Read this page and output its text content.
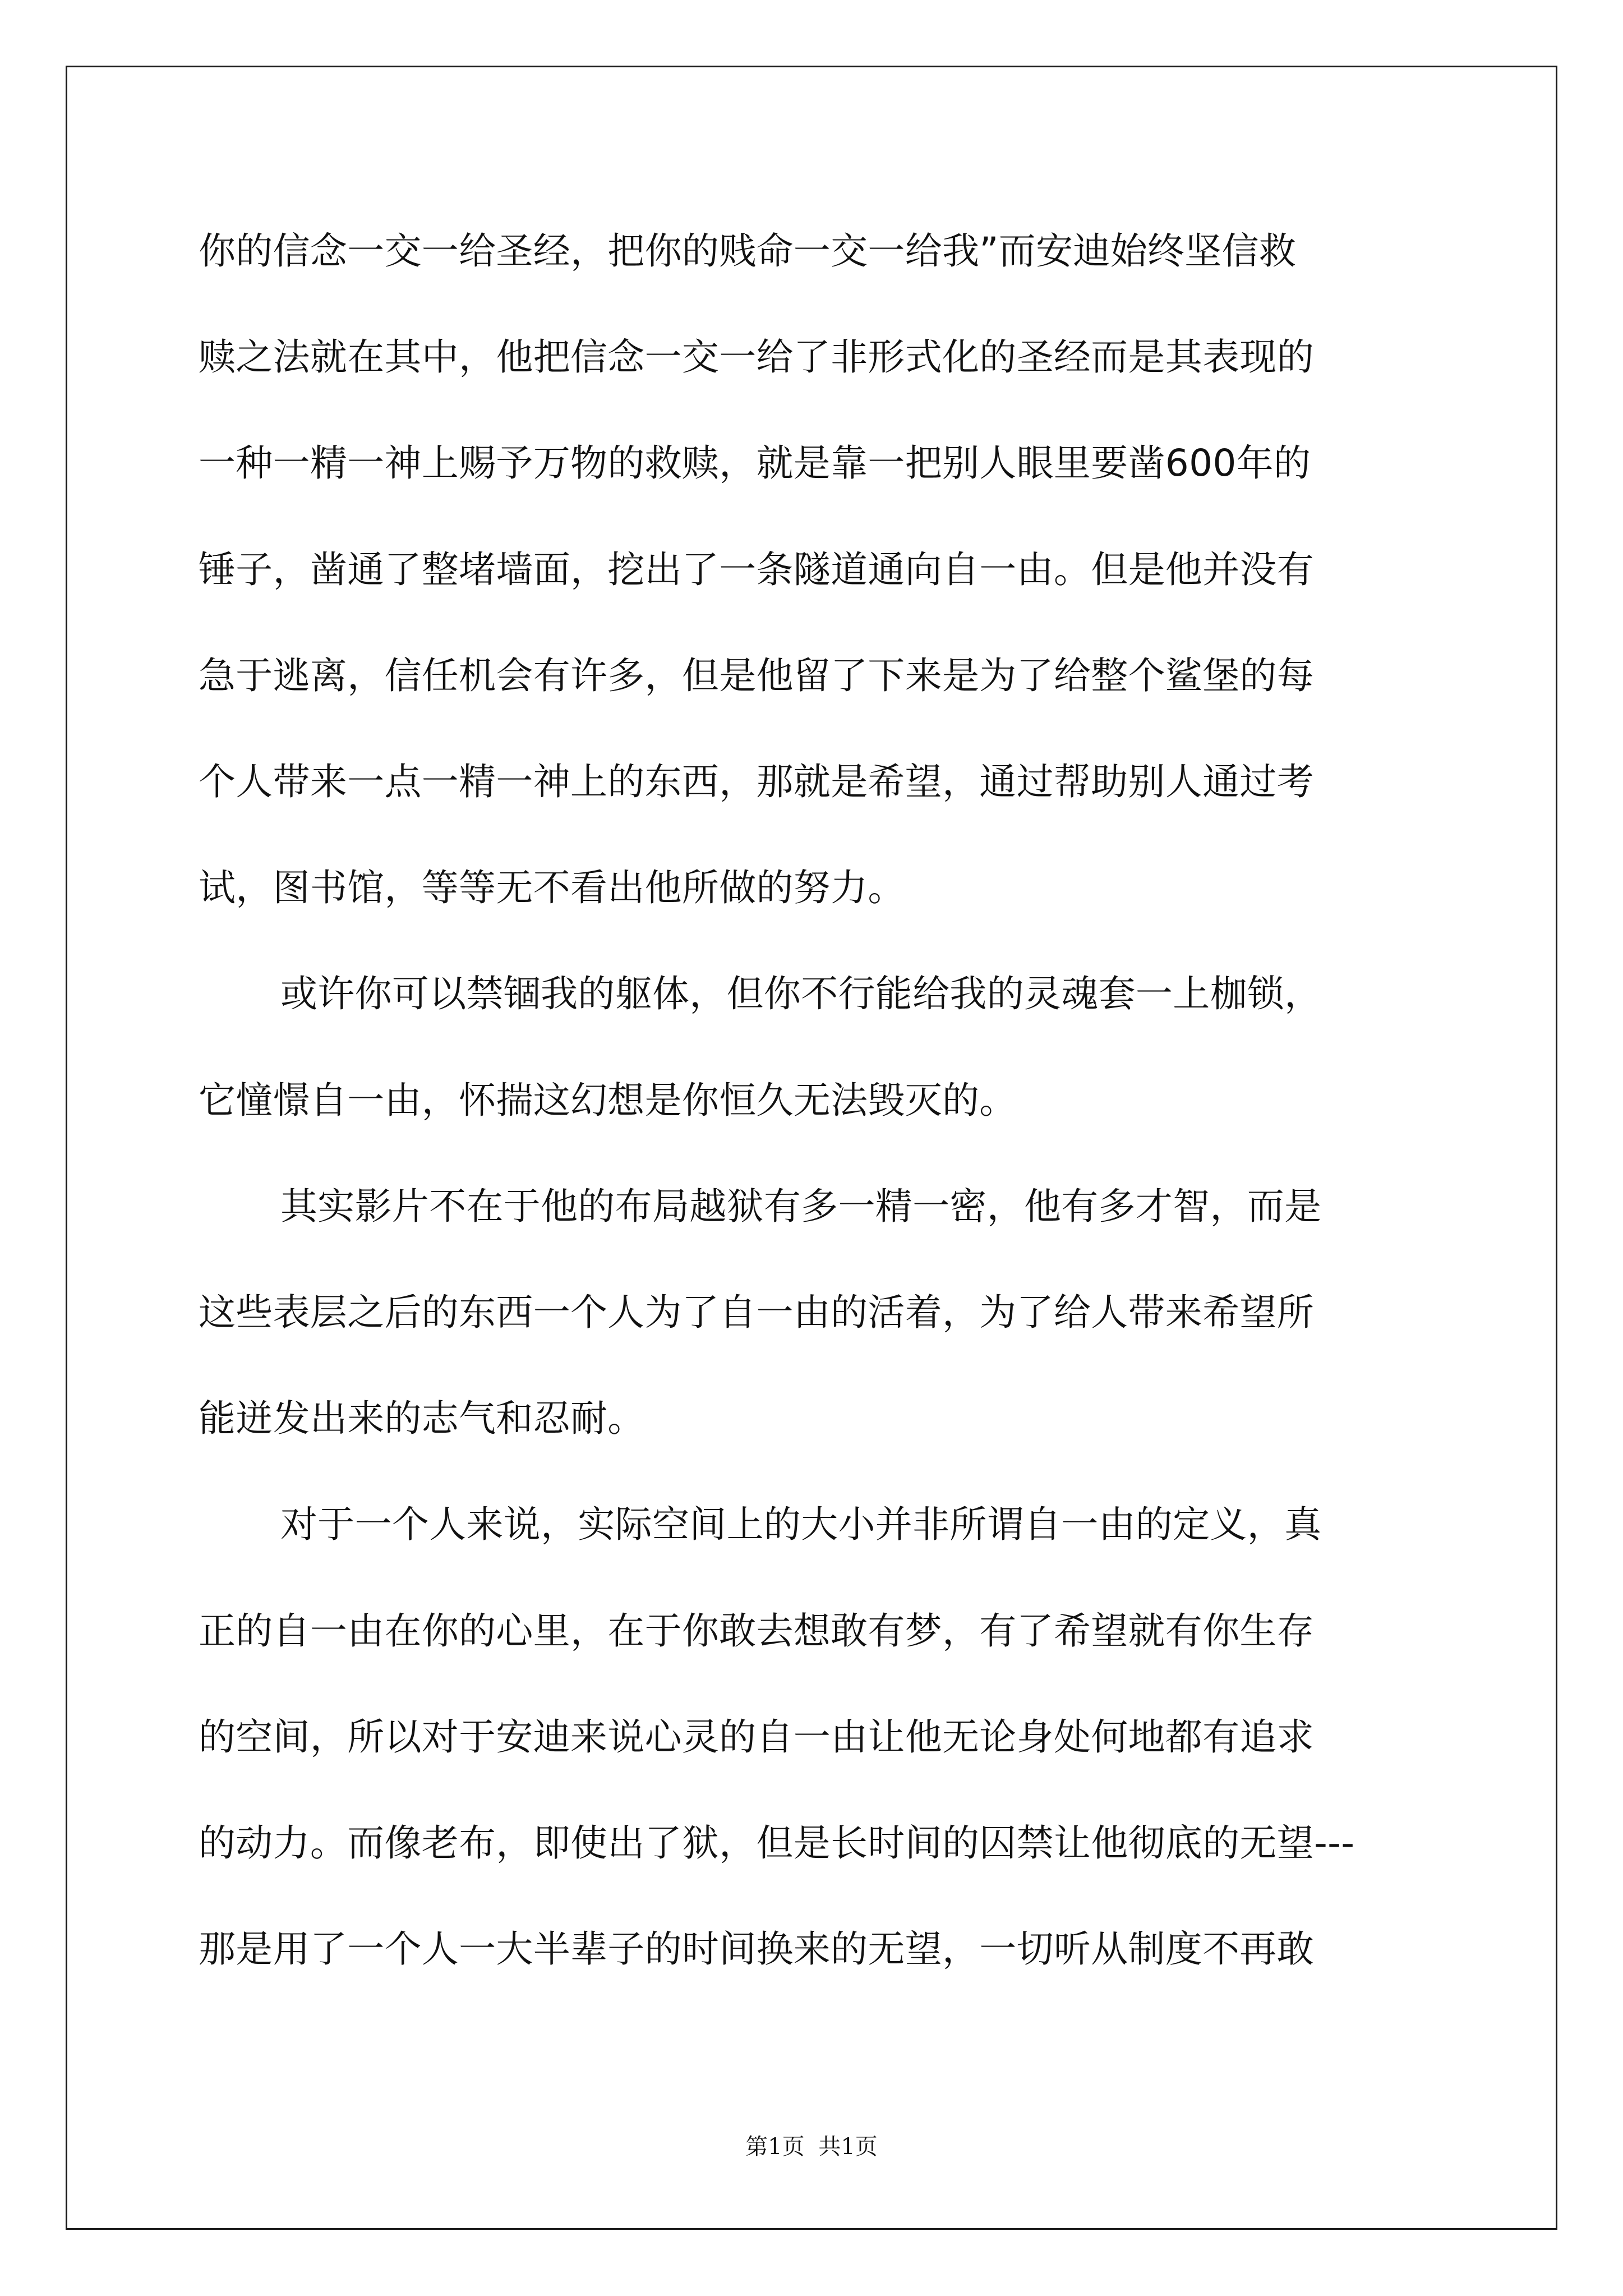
你的信念一交一给圣经，把你的贱命一交一给我”而安迪始终坚信救
赎之法就在其中，他把信念一交一给了非形式化的圣经而是其表现的
一种一精一神上赐予万物的救赎，就是靠一把别人眼里要凿600年的
锤子，凿通了整堵墙面，挖出了一条隧道通向自一由。但是他并没有
急于逃离，信任机会有许多，但是他留了下来是为了给整个鲨堡的每
个人带来一点一精一神上的东西，那就是希望，通过帮助别人通过考
试，图书馆，等等无不看出他所做的努力。
或许你可以禁锢我的躯体，但你不行能给我的灵魂套一上枷锁，
它憧憬自一由，怀揣这幻想是你恒久无法毁灭的。
其实影片不在于他的布局越狱有多一精一密，他有多才智，而是
这些表层之后的东西一个人为了自一由的活着，为了给人带来希望所
能迸发出来的志气和忍耐。
对于一个人来说，实际空间上的大小并非所谓自一由的定义，真
正的自一由在你的心里，在于你敢去想敢有梦，有了希望就有你生存
的空间，所以对于安迪来说心灵的自一由让他无论身处何地都有追求
的动力。而像老布，即使出了狱，但是长时间的囚禁让他彻底的无望---
那是用了一个人一大半辈子的时间换来的无望，一切听从制度不再敢
第1页 共1页
